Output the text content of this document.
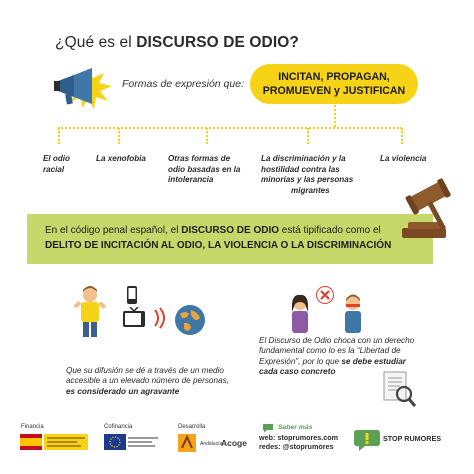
¿Qué es el DISCURSO DE ODIO?
Formas de expresión que:
INCITAN, PROPAGAN,
PROMUEVEN y JUSTIFICAN
El odio
racial
La xenofobia	Otras formas de
odio basadas en la
intolerancia
La discriminación y la
hostilidad contra las
minorías y las personas
migrantes
La violencia
En el código penal español, el DISCURSO DE ODIO está tipificado como el
DELITO DE INCITACIÓN AL ODIO, LA VIOLENCIA O LA DISCRIMINACIÓN
Que su difusión se dé a través de un medio
accesible a un elevado número de personas,
es considerado un agravante
El Discurso de Odio choca con un derecho
fundamental como lo es la “Libertad de
Expresión”, por lo que se debe estudiar
cada caso concreto
Financia	Cofinancia	Desarrolla
Andalucía
Acoge
Saber más
web: stoprumores.com
redes: @stoprumores
STOP RUMORES
